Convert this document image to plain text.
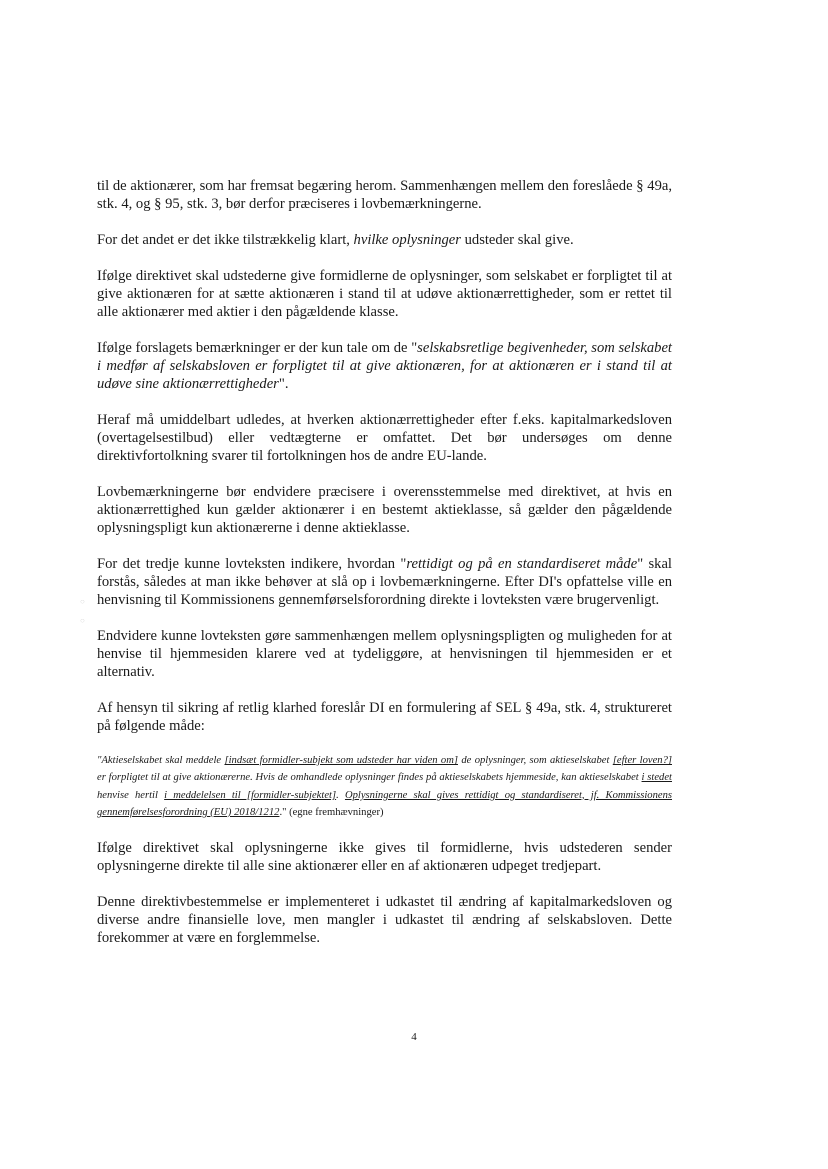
○
○

til de aktionærer, som har fremsat begæring herom. Sammenhængen mellem den foreslåede § 49a, stk. 4, og § 95, stk. 3, bør derfor præciseres i lovbemærkningerne.

For det andet er det ikke tilstrækkelig klart, hvilke oplysninger udsteder skal give.

Ifølge direktivet skal udstederne give formidlerne de oplysninger, som selskabet er forpligtet til at give aktionæren for at sætte aktionæren i stand til at udøve aktionærrettigheder, som er rettet til alle aktionærer med aktier i den pågældende klasse.

Ifølge forslagets bemærkninger er der kun tale om de "selskabsretlige begivenheder, som selskabet i medfør af selskabsloven er forpligtet til at give aktionæren, for at aktionæren er i stand til at udøve sine aktionærrettigheder".

Heraf må umiddelbart udledes, at hverken aktionærrettigheder efter f.eks. kapitalmarkedsloven (overtagelsestilbud) eller vedtægterne er omfattet. Det bør undersøges om denne direktivfortolkning svarer til fortolkningen hos de andre EU-lande.

Lovbemærkningerne bør endvidere præcisere i overensstemmelse med direktivet, at hvis en aktionærrettighed kun gælder aktionærer i en bestemt aktieklasse, så gælder den pågældende oplysningspligt kun aktionærerne i denne aktieklasse.

For det tredje kunne lovteksten indikere, hvordan "rettidigt og på en standardiseret måde" skal forstås, således at man ikke behøver at slå op i lovbemærkningerne. Efter DI's opfattelse ville en henvisning til Kommissionens gennemførselsforordning direkte i lovteksten være brugervenligt.

Endvidere kunne lovteksten gøre sammenhængen mellem oplysningspligten og muligheden for at henvise til hjemmesiden klarere ved at tydeliggøre, at henvisningen til hjemmesiden er et alternativ.

Af hensyn til sikring af retlig klarhed foreslår DI en formulering af SEL § 49a, stk. 4, struktureret på følgende måde:

"Aktieselskabet skal meddele [indsæt formidler-subjekt som udsteder har viden om] de oplysninger, som aktieselskabet [efter loven?] er forpligtet til at give aktionærerne. Hvis de omhandlede oplysninger findes på aktieselskabets hjemmeside, kan aktieselskabet i stedet henvise hertil i meddelelsen til [formidler-subjektet]. Oplysningerne skal gives rettidigt og standardiseret, jf. Kommissionens gennemførelsesforordning (EU) 2018/1212." (egne fremhævninger)

Ifølge direktivet skal oplysningerne ikke gives til formidlerne, hvis udstederen sender oplysningerne direkte til alle sine aktionærer eller en af aktionæren udpeget tredjepart.

Denne direktivbestemmelse er implementeret i udkastet til ændring af kapitalmarkedsloven og diverse andre finansielle love, men mangler i udkastet til ændring af selskabsloven. Dette forekommer at være en forglemmelse.

4
